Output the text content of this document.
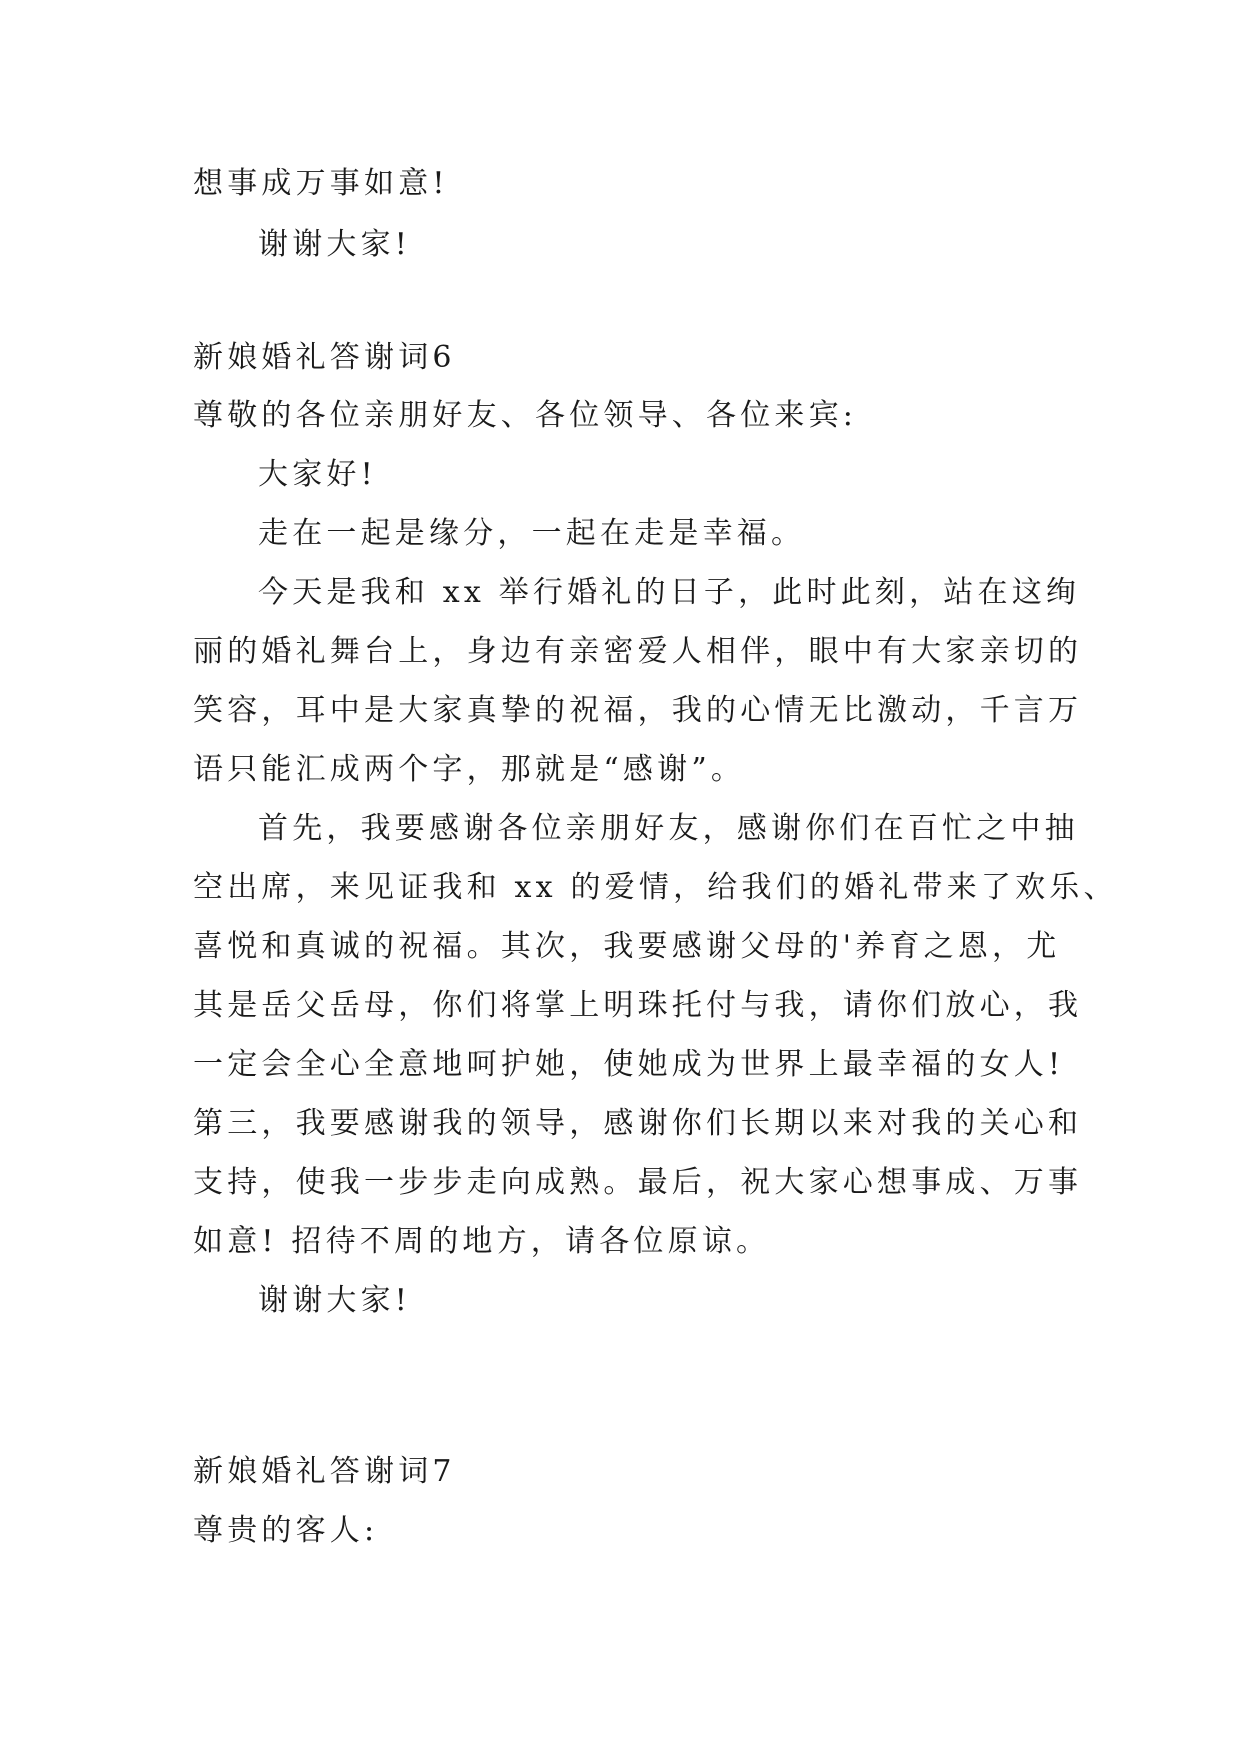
想事成万事如意!
谢谢大家!
新娘婚礼答谢词6
尊敬的各位亲朋好友、各位领导、各位来宾:
大家好!
走在一起是缘分，一起在走是幸福。
今天是我和 xx 举行婚礼的日子，此时此刻，站在这绚
丽的婚礼舞台上，身边有亲密爱人相伴，眼中有大家亲切的
笑容，耳中是大家真挚的祝福，我的心情无比激动，千言万
语只能汇成两个字，那就是“感谢”。
首先，我要感谢各位亲朋好友，感谢你们在百忙之中抽
空出席，来见证我和 xx 的爱情，给我们的婚礼带来了欢乐、
喜悦和真诚的祝福。其次，我要感谢父母的'养育之恩，尤
其是岳父岳母，你们将掌上明珠托付与我，请你们放心，我
一定会全心全意地呵护她，使她成为世界上最幸福的女人!
第三，我要感谢我的领导，感谢你们长期以来对我的关心和
支持，使我一步步走向成熟。最后，祝大家心想事成、万事
如意! 招待不周的地方，请各位原谅。
谢谢大家!
新娘婚礼答谢词7
尊贵的客人:
